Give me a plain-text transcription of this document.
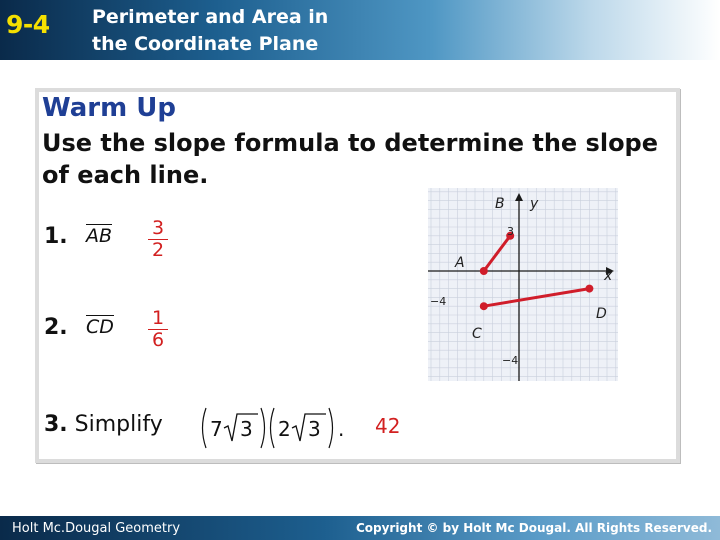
9-4 Perimeter and Area in
the Coordinate Plane
Warm Up
Use the slope formula to determine the slope of each line.
1. AB $\frac{3}{2}$
2. CD $\frac{1}{6}$
3. Simplify 7 3 2 3 . 42
A
B
C
D
y
x
3
−4
−4
Holt Mc.Dougal Geometry	Copyright © by Holt Mc Dougal. All Rights Reserved.
